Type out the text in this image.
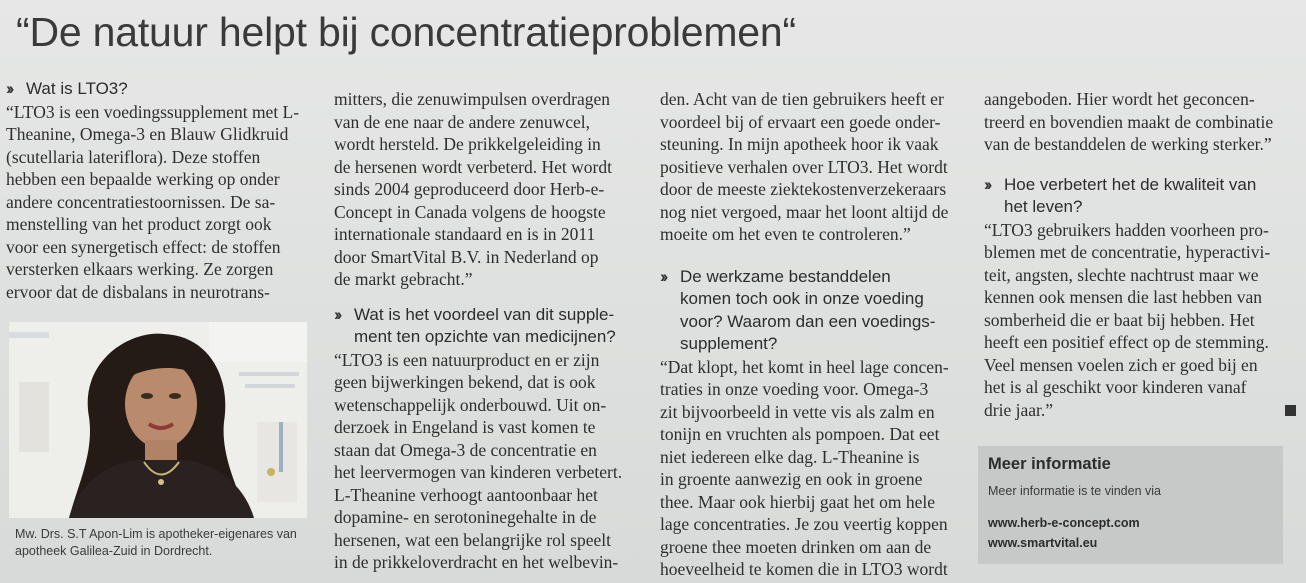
“De natuur helpt bij concentratieproblemen“
›› Wat is LTO3?
“LTO3 is een voedingssupplement met L-
Theanine, Omega-3 en Blauw Glidkruid
(scutellaria lateriflora). Deze stoffen
hebben een bepaalde werking op onder
andere concentratiestoornissen. De sa-
menstelling van het product zorgt ook
voor een synergetisch effect: de stoffen
versterken elkaars werking. Ze zorgen
ervoor dat de disbalans in neurotrans-
Mw. Drs. S.T Apon-Lim is apotheker-eigenares van
apotheek Galilea-Zuid in Dordrecht.
mitters, die zenuwimpulsen overdragen
van de ene naar de andere zenuwcel,
wordt hersteld. De prikkelgeleiding in
de hersenen wordt verbeterd. Het wordt
sinds 2004 geproduceerd door Herb-e-
Concept in Canada volgens de hoogste
internationale standaard en is in 2011
door SmartVital B.V. in Nederland op
de markt gebracht.”
›› Wat is het voordeel van dit supple-
ment ten opzichte van medicijnen?
“LTO3 is een natuurproduct en er zijn
geen bijwerkingen bekend, dat is ook
wetenschappelijk onderbouwd. Uit on-
derzoek in Engeland is vast komen te
staan dat Omega-3 de concentratie en
het leervermogen van kinderen verbetert.
L-Theanine verhoogt aantoonbaar het
dopamine- en serotoninegehalte in de
hersenen, wat een belangrijke rol speelt
in de prikkeloverdracht en het welbevin-
den. Acht van de tien gebruikers heeft er
voordeel bij of ervaart een goede onder-
steuning. In mijn apotheek hoor ik vaak
positieve verhalen over LTO3. Het wordt
door de meeste ziektekostenverzekeraars
nog niet vergoed, maar het loont altijd de
moeite om het even te controleren.”
›› De werkzame bestanddelen
komen toch ook in onze voeding
voor? Waarom dan een voedings-
supplement?
“Dat klopt, het komt in heel lage concen-
traties in onze voeding voor. Omega-3
zit bijvoorbeeld in vette vis als zalm en
tonijn en vruchten als pompoen. Dat eet
niet iedereen elke dag. L-Theanine is
in groente aanwezig en ook in groene
thee. Maar ook hierbij gaat het om hele
lage concentraties. Je zou veertig koppen
groene thee moeten drinken om aan de
hoeveelheid te komen die in LTO3 wordt
aangeboden. Hier wordt het geconcen-
treerd en bovendien maakt de combinatie
van de bestanddelen de werking sterker.”
›› Hoe verbetert het de kwaliteit van
het leven?
“LTO3 gebruikers hadden voorheen pro-
blemen met de concentratie, hyperactivi-
teit, angsten, slechte nachtrust maar we
kennen ook mensen die last hebben van
somberheid die er baat bij hebben. Het
heeft een positief effect op de stemming.
Veel mensen voelen zich er goed bij en
het is al geschikt voor kinderen vanaf
drie jaar.”
Meer informatie
Meer informatie is te vinden via
www.herb-e-concept.com
www.smartvital.eu
